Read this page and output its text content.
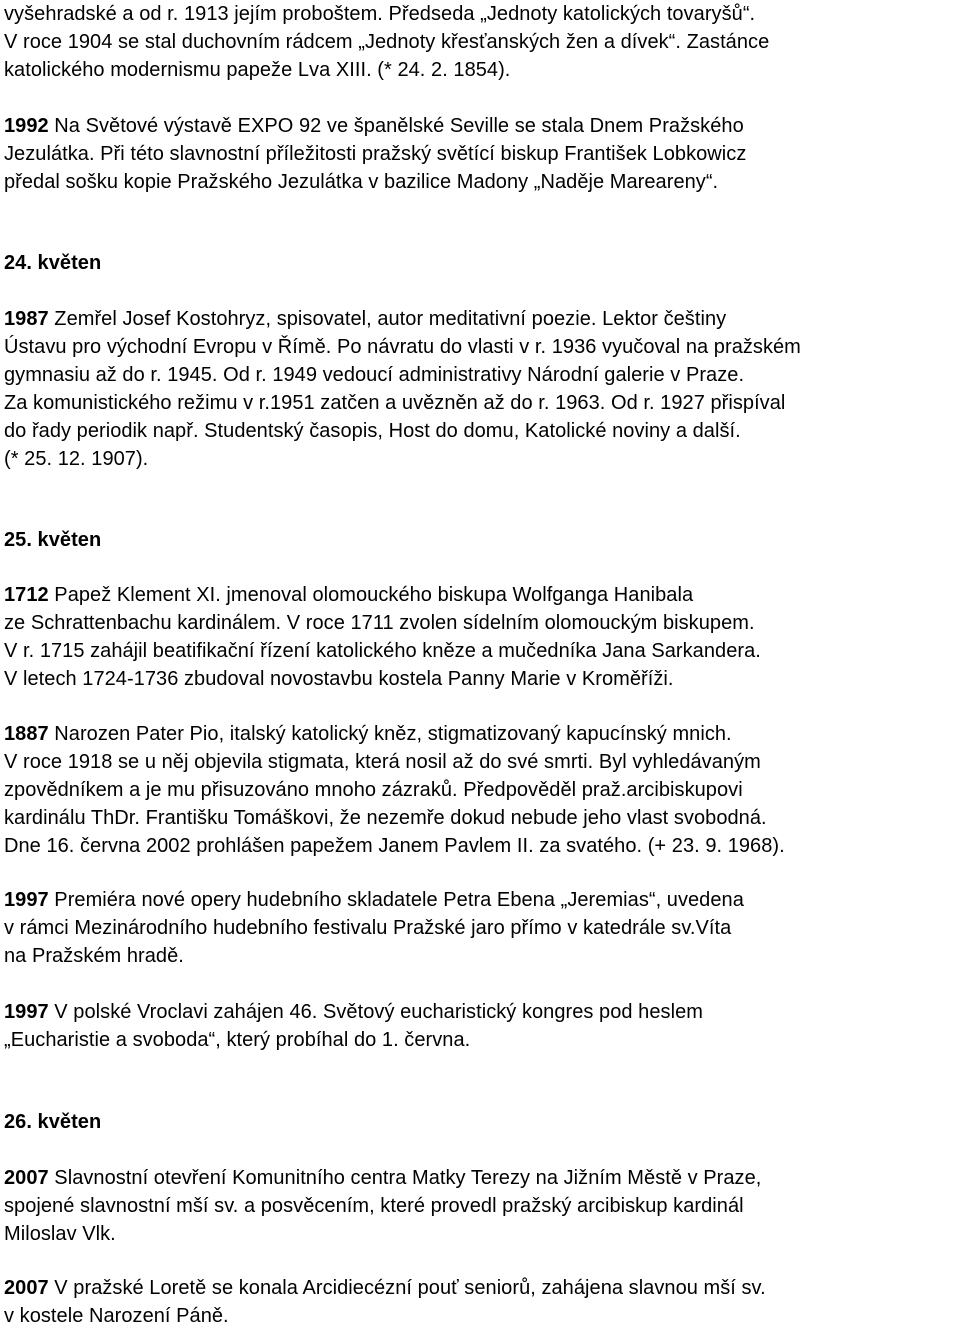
vyšehradské a od r. 1913 jejím proboštem. Předseda „Jednoty katolických tovaryšů“.
V roce 1904 se stal duchovním rádcem „Jednoty křesťanských žen a dívek“. Zastánce
katolického modernismu papeže Lva XIII. (* 24. 2. 1854).
1992 Na Světové výstavě EXPO 92 ve španělské Seville se stala Dnem Pražského
Jezulátka. Při této slavnostní příležitosti pražský světící biskup František Lobkowicz
předal sošku kopie Pražského Jezulátka v bazilice Madony „Naděje Mareareny“.
24. květen
1987 Zemřel Josef Kostohryz, spisovatel, autor meditativní poezie. Lektor češtiny
Ústavu pro východní Evropu v Římě. Po návratu do vlasti v r. 1936 vyučoval na pražském
gymnasiu až do r. 1945. Od r. 1949 vedoucí administrativy Národní galerie v Praze.
Za komunistického režimu v r.1951 zatčen a uvězněn až do r. 1963. Od r. 1927 přispíval
do řady periodik např. Studentský časopis, Host do domu, Katolické noviny a další.
(* 25. 12. 1907).
25. květen
1712 Papež Klement XI. jmenoval olomouckého biskupa Wolfganga Hanibala
ze Schrattenbachu kardinálem. V roce 1711 zvolen sídelním olomouckým biskupem.
V r. 1715 zahájil beatifikační řízení katolického kněze a mučedníka Jana Sarkandera.
V letech 1724-1736 zbudoval novostavbu kostela Panny Marie v Kroměříži.
1887 Narozen Pater Pio, italský katolický kněz, stigmatizovaný kapucínský mnich.
V roce 1918 se u něj objevila stigmata, která nosil až do své smrti. Byl vyhledávaným
zpovědníkem a je mu přisuzováno mnoho zázraků. Předpověděl praž.arcibiskupovi
kardinálu ThDr. Františku Tomáškovi, že nezemře dokud nebude jeho vlast svobodná.
Dne 16. června 2002 prohlášen papežem Janem Pavlem II. za svatého. (+ 23. 9. 1968).
1997 Premiéra nové opery hudebního skladatele Petra Ebena „Jeremias“, uvedena
v rámci Mezinárodního hudebního festivalu Pražské jaro přímo v katedrále sv.Víta
na Pražském hradě.
1997 V polské Vroclavi zahájen 46. Světový eucharistický kongres pod heslem
„Eucharistie a svoboda“, který probíhal do 1. června.
26. květen
2007 Slavnostní otevření Komunitního centra Matky Terezy na Jižním Městě v Praze,
spojené slavnostní mší sv. a posvěcením, které provedl pražský arcibiskup kardinál
Miloslav Vlk.
2007 V pražské Loretě se konala Arcidiecézní pouť seniorů, zahájena slavnou mší sv.
v kostele Narození Páně.
